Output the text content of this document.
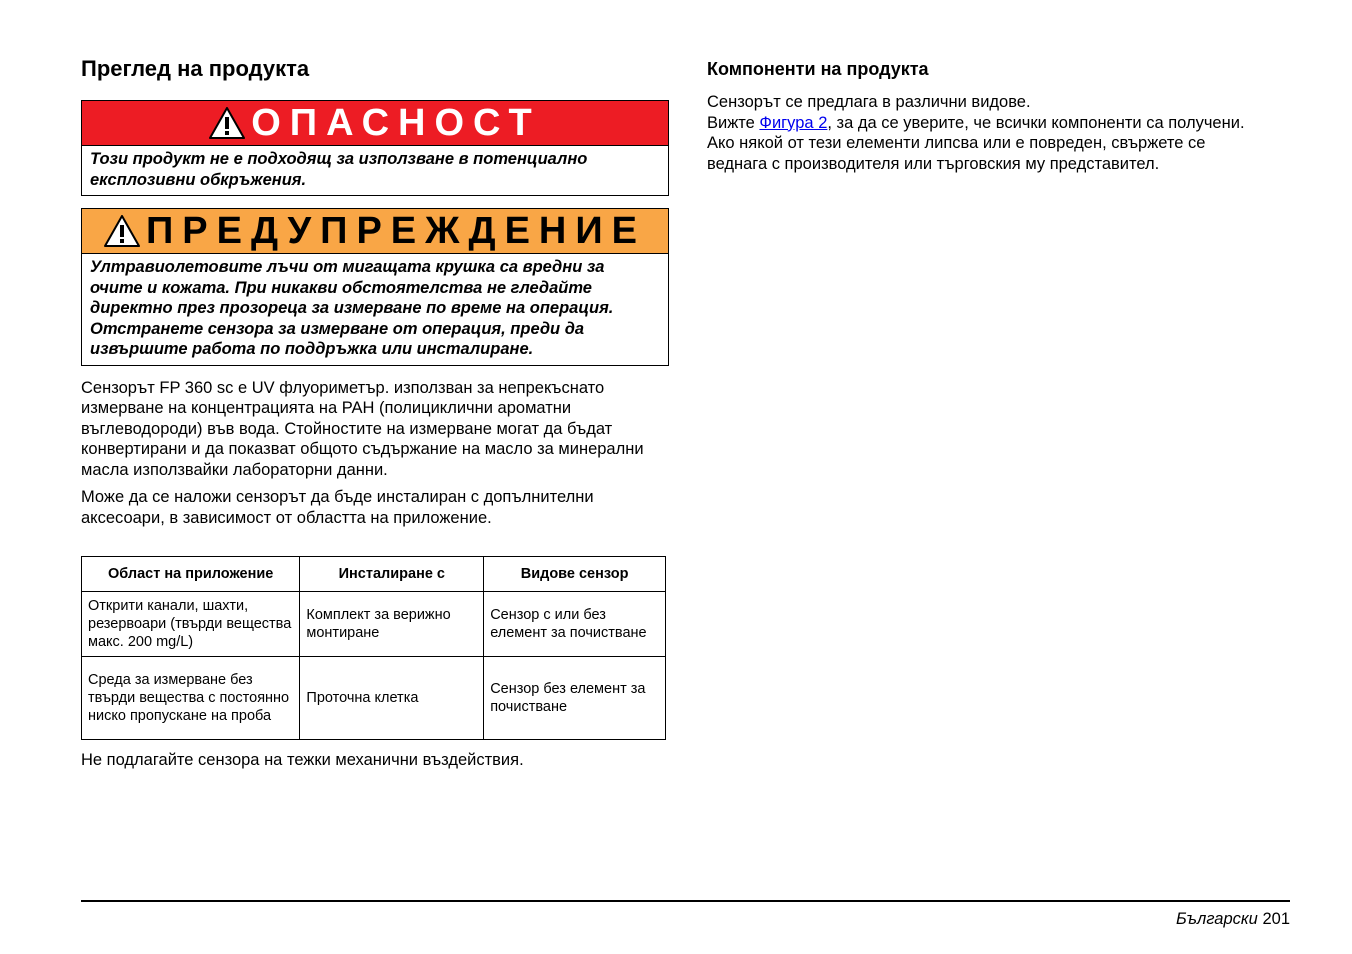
Преглед на продукта
ОПАСНОСТ
Този продукт не е подходящ за използване в потенциално експлозивни обкръжения.
ПРЕДУПРЕЖДЕНИЕ
Ултравиолетовите лъчи от мигащата крушка са вредни за очите и кожата. При никакви обстоятелства не гледайте директно през прозореца за измерване по време на операция. Отстранете сензора за измерване от операция, преди да извършите работа по поддръжка или инсталиране.

Сензорът FP 360 sc е UV флуориметър. използван за непрекъснато измерване на концентрацията на PAH (полициклични ароматни въглеводороди) във вода. Стойностите на измерване могат да бъдат конвертирани и да показват общото съдържание на масло за минерални масла използвайки лабораторни данни.

Може да се наложи сензорът да бъде инсталиран с допълнителни аксесоари, в зависимост от областта на приложение.

Област на приложение	Инсталиране с	Видове сензор
Открити канали, шахти, резервоари (твърди вещества макс. 200 mg/L)	Комплект за верижно монтиране	Сензор с или без елемент за почистване
Среда за измерване без твърди вещества с постоянно ниско пропускане на проба	Проточна клетка	Сензор без елемент за почистване

Не подлагайте сензора на тежки механични въздействия.

Компоненти на продукта

Сензорът се предлага в различни видове.
Вижте Фигура 2, за да се уверите, че всички компоненти са получени. Ако някой от тези елементи липсва или е повреден, свържете се веднага с производителя или търговския му представител.

Български 201
